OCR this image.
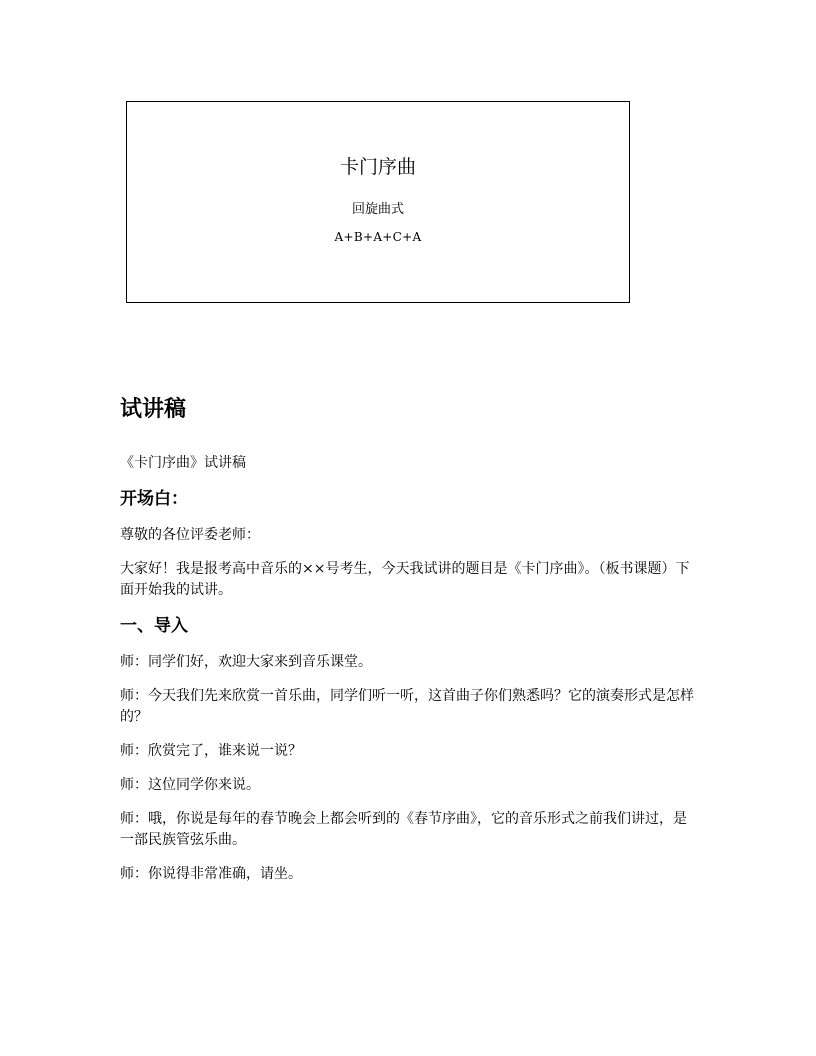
卡门序曲
回旋曲式
A+B+A+C+A
试讲稿

《卡门序曲》试讲稿

开场白：

尊敬的各位评委老师：

大家好！我是报考高中音乐的××号考生，今天我试讲的题目是《卡门序曲》。（板书课题）下面开始我的试讲。

一、导入

师：同学们好，欢迎大家来到音乐课堂。

师：今天我们先来欣赏一首乐曲，同学们听一听，这首曲子你们熟悉吗？它的演奏形式是怎样的？

师：欣赏完了，谁来说一说？

师：这位同学你来说。

师：哦，你说是每年的春节晚会上都会听到的《春节序曲》，它的音乐形式之前我们讲过，是一部民族管弦乐曲。

师：你说得非常准确，请坐。
